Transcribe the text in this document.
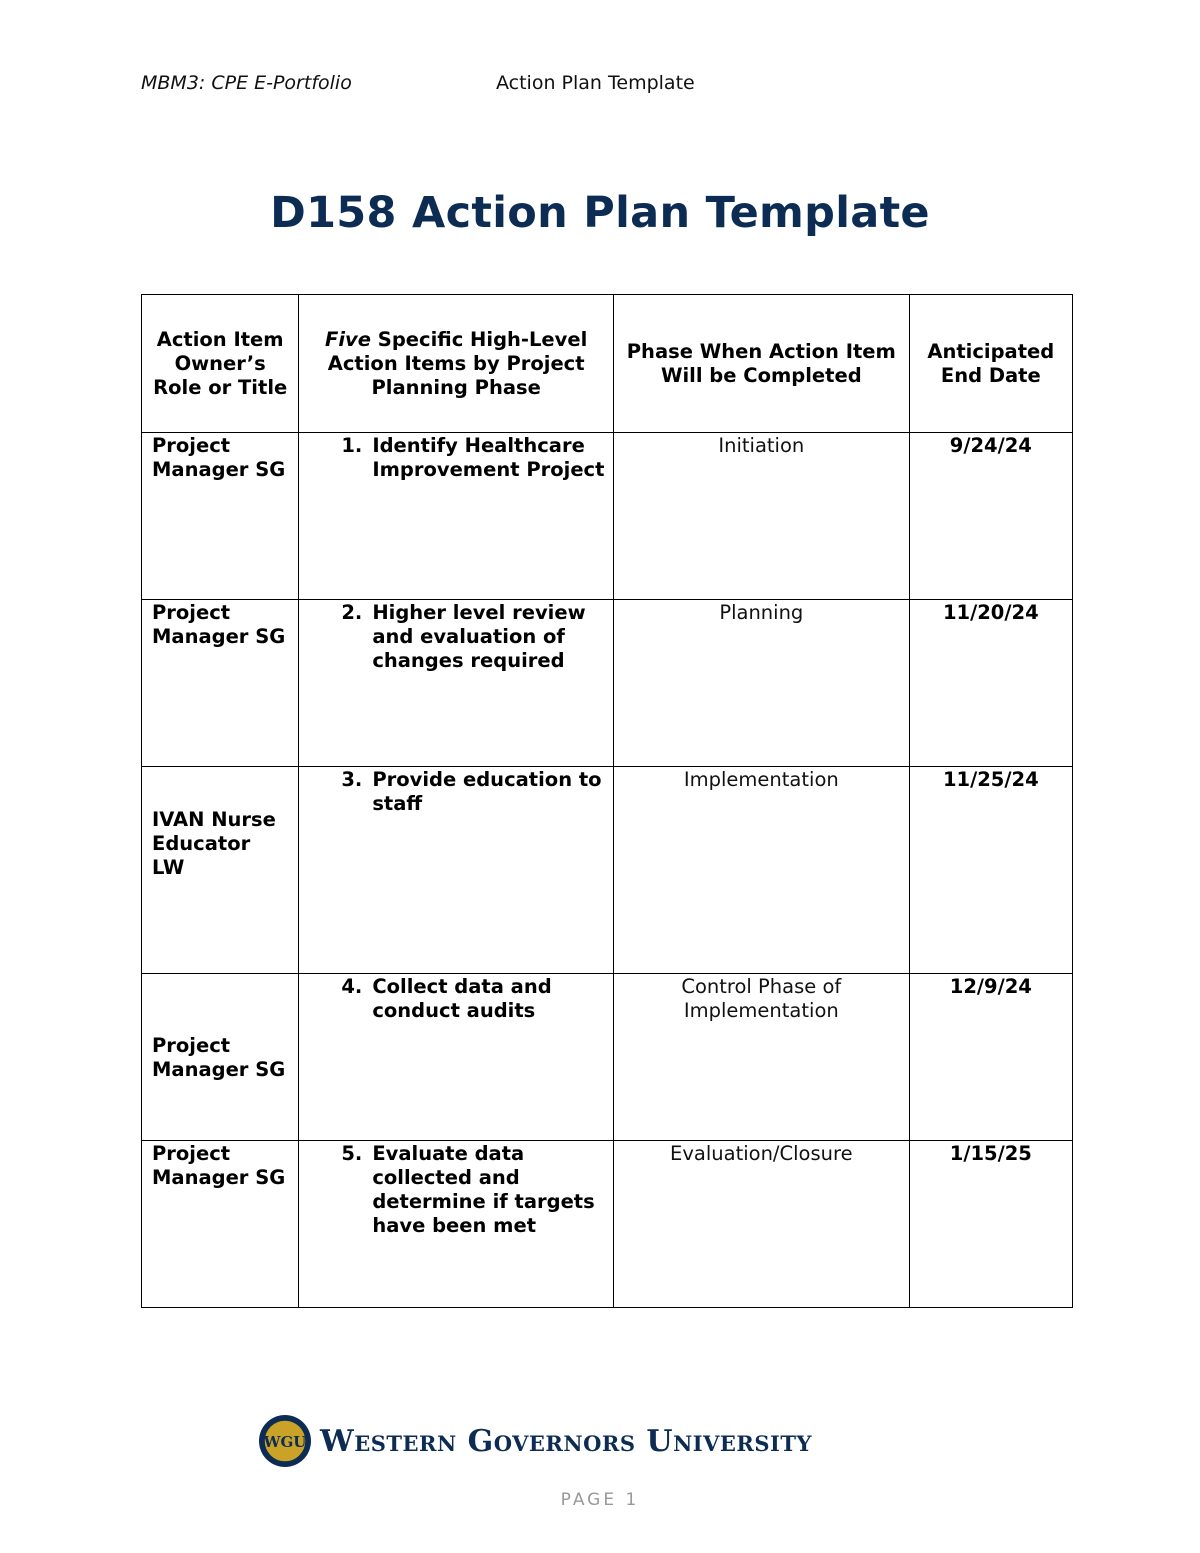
MBM3: CPE E-Portfolio	Action Plan Template
D158 Action Plan Template
Action Item Owner’s Role or Title	Five Specific High-Level Action Items by Project Planning Phase	Phase When Action Item Will be Completed	Anticipated End Date
Project Manager SG	1. Identify Healthcare Improvement Project	Initiation	9/24/24
Project Manager SG	2. Higher level review and evaluation of changes required	Planning	11/20/24
IVAN Nurse Educator LW	3. Provide education to staff	Implementation	11/25/24
Project Manager SG	4. Collect data and conduct audits	Control Phase of Implementation	12/9/24
Project Manager SG	5. Evaluate data collected and determine if targets have been met	Evaluation/Closure	1/15/25
WGU Western Governors University
PAGE 1
